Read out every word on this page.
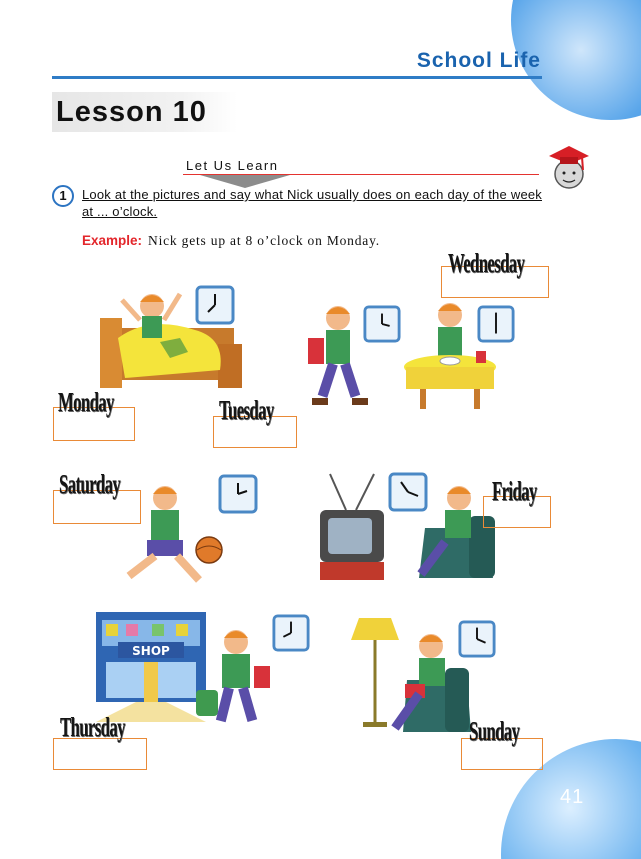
School Life
Lesson 10
Let Us Learn
1	Look at the pictures and say what Nick usually does on each day of the week at ... o’clock.
Example: Nick gets up at 8 o’clock on Monday.
SHOP
Wednesday
Monday	Tuesday
Saturday	Friday
Thursday	Sunday
41
